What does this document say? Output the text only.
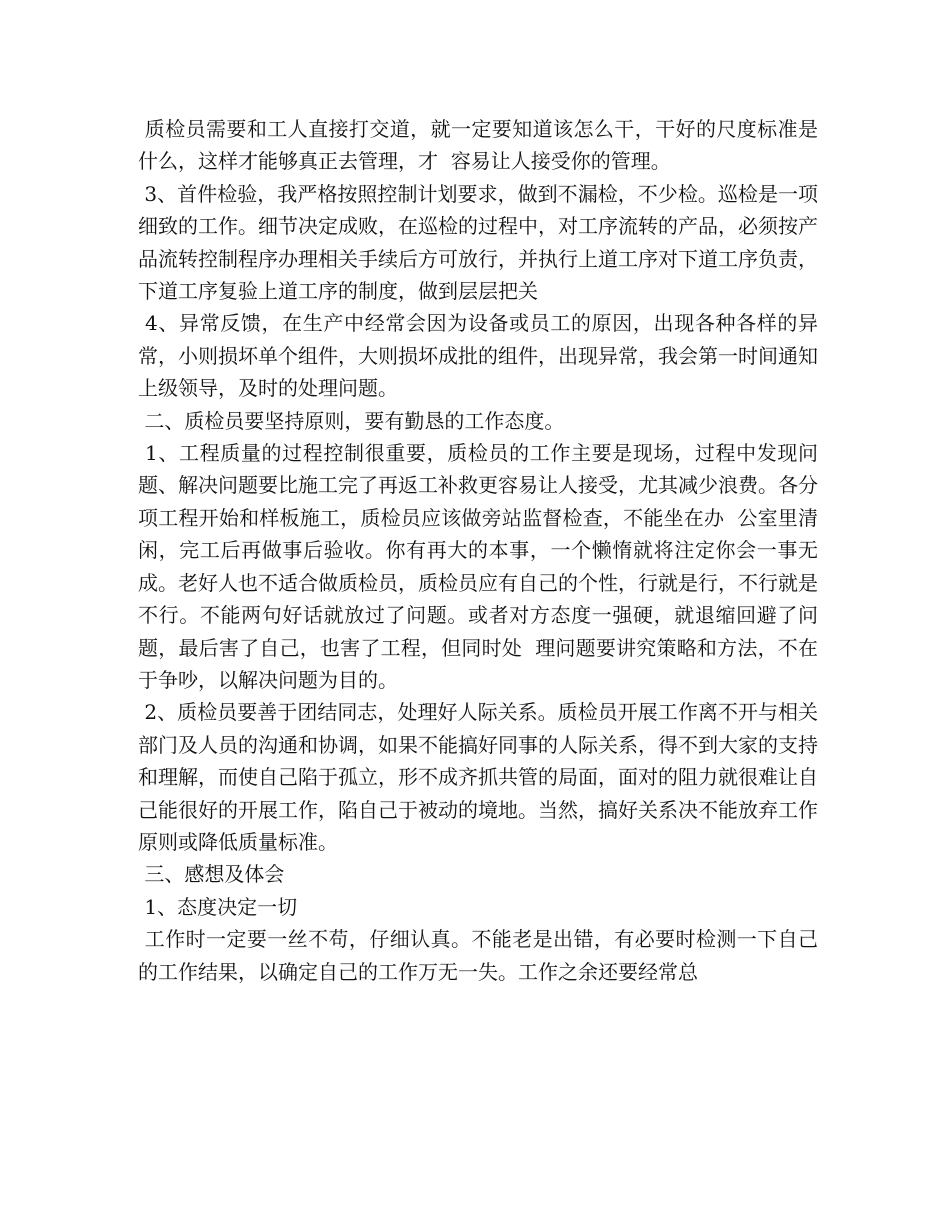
质检员需要和工人直接打交道，就一定要知道该怎么干，干好的尺度标准是什么，这样才能够真正去管理，才  容易让人接受你的管理。

3、首件检验，我严格按照控制计划要求，做到不漏检，不少检。巡检是一项细致的工作。细节决定成败，在巡检的过程中，对工序流转的产品，必须按产品流转控制程序办理相关手续后方可放行，并执行上道工序对下道工序负责，下道工序复验上道工序的制度，做到层层把关

4、异常反馈，在生产中经常会因为设备或员工的原因，出现各种各样的异常，小则损坏单个组件，大则损坏成批的组件，出现异常，我会第一时间通知上级领导，及时的处理问题。

二、质检员要坚持原则，要有勤恳的工作态度。

1、工程质量的过程控制很重要，质检员的工作主要是现场，过程中发现问题、解决问题要比施工完了再返工补救更容易让人接受，尤其减少浪费。各分项工程开始和样板施工，质检员应该做旁站监督检查，不能坐在办  公室里清闲，完工后再做事后验收。你有再大的本事，一个懒惰就将注定你会一事无成。老好人也不适合做质检员，质检员应有自己的个性，行就是行，不行就是不行。不能两句好话就放过了问题。或者对方态度一强硬，就退缩回避了问题，最后害了自己，也害了工程，但同时处  理问题要讲究策略和方法，不在于争吵，以解决问题为目的。

2、质检员要善于团结同志，处理好人际关系。质检员开展工作离不开与相关部门及人员的沟通和协调，如果不能搞好同事的人际关系，得不到大家的支持和理解，而使自己陷于孤立，形不成齐抓共管的局面，面对的阻力就很难让自己能很好的开展工作，陷自己于被动的境地。当然，搞好关系决不能放弃工作原则或降低质量标准。

三、感想及体会

1、态度决定一切

工作时一定要一丝不苟，仔细认真。不能老是出错，有必要时检测一下自己的工作结果，以确定自己的工作万无一失。工作之余还要经常总
